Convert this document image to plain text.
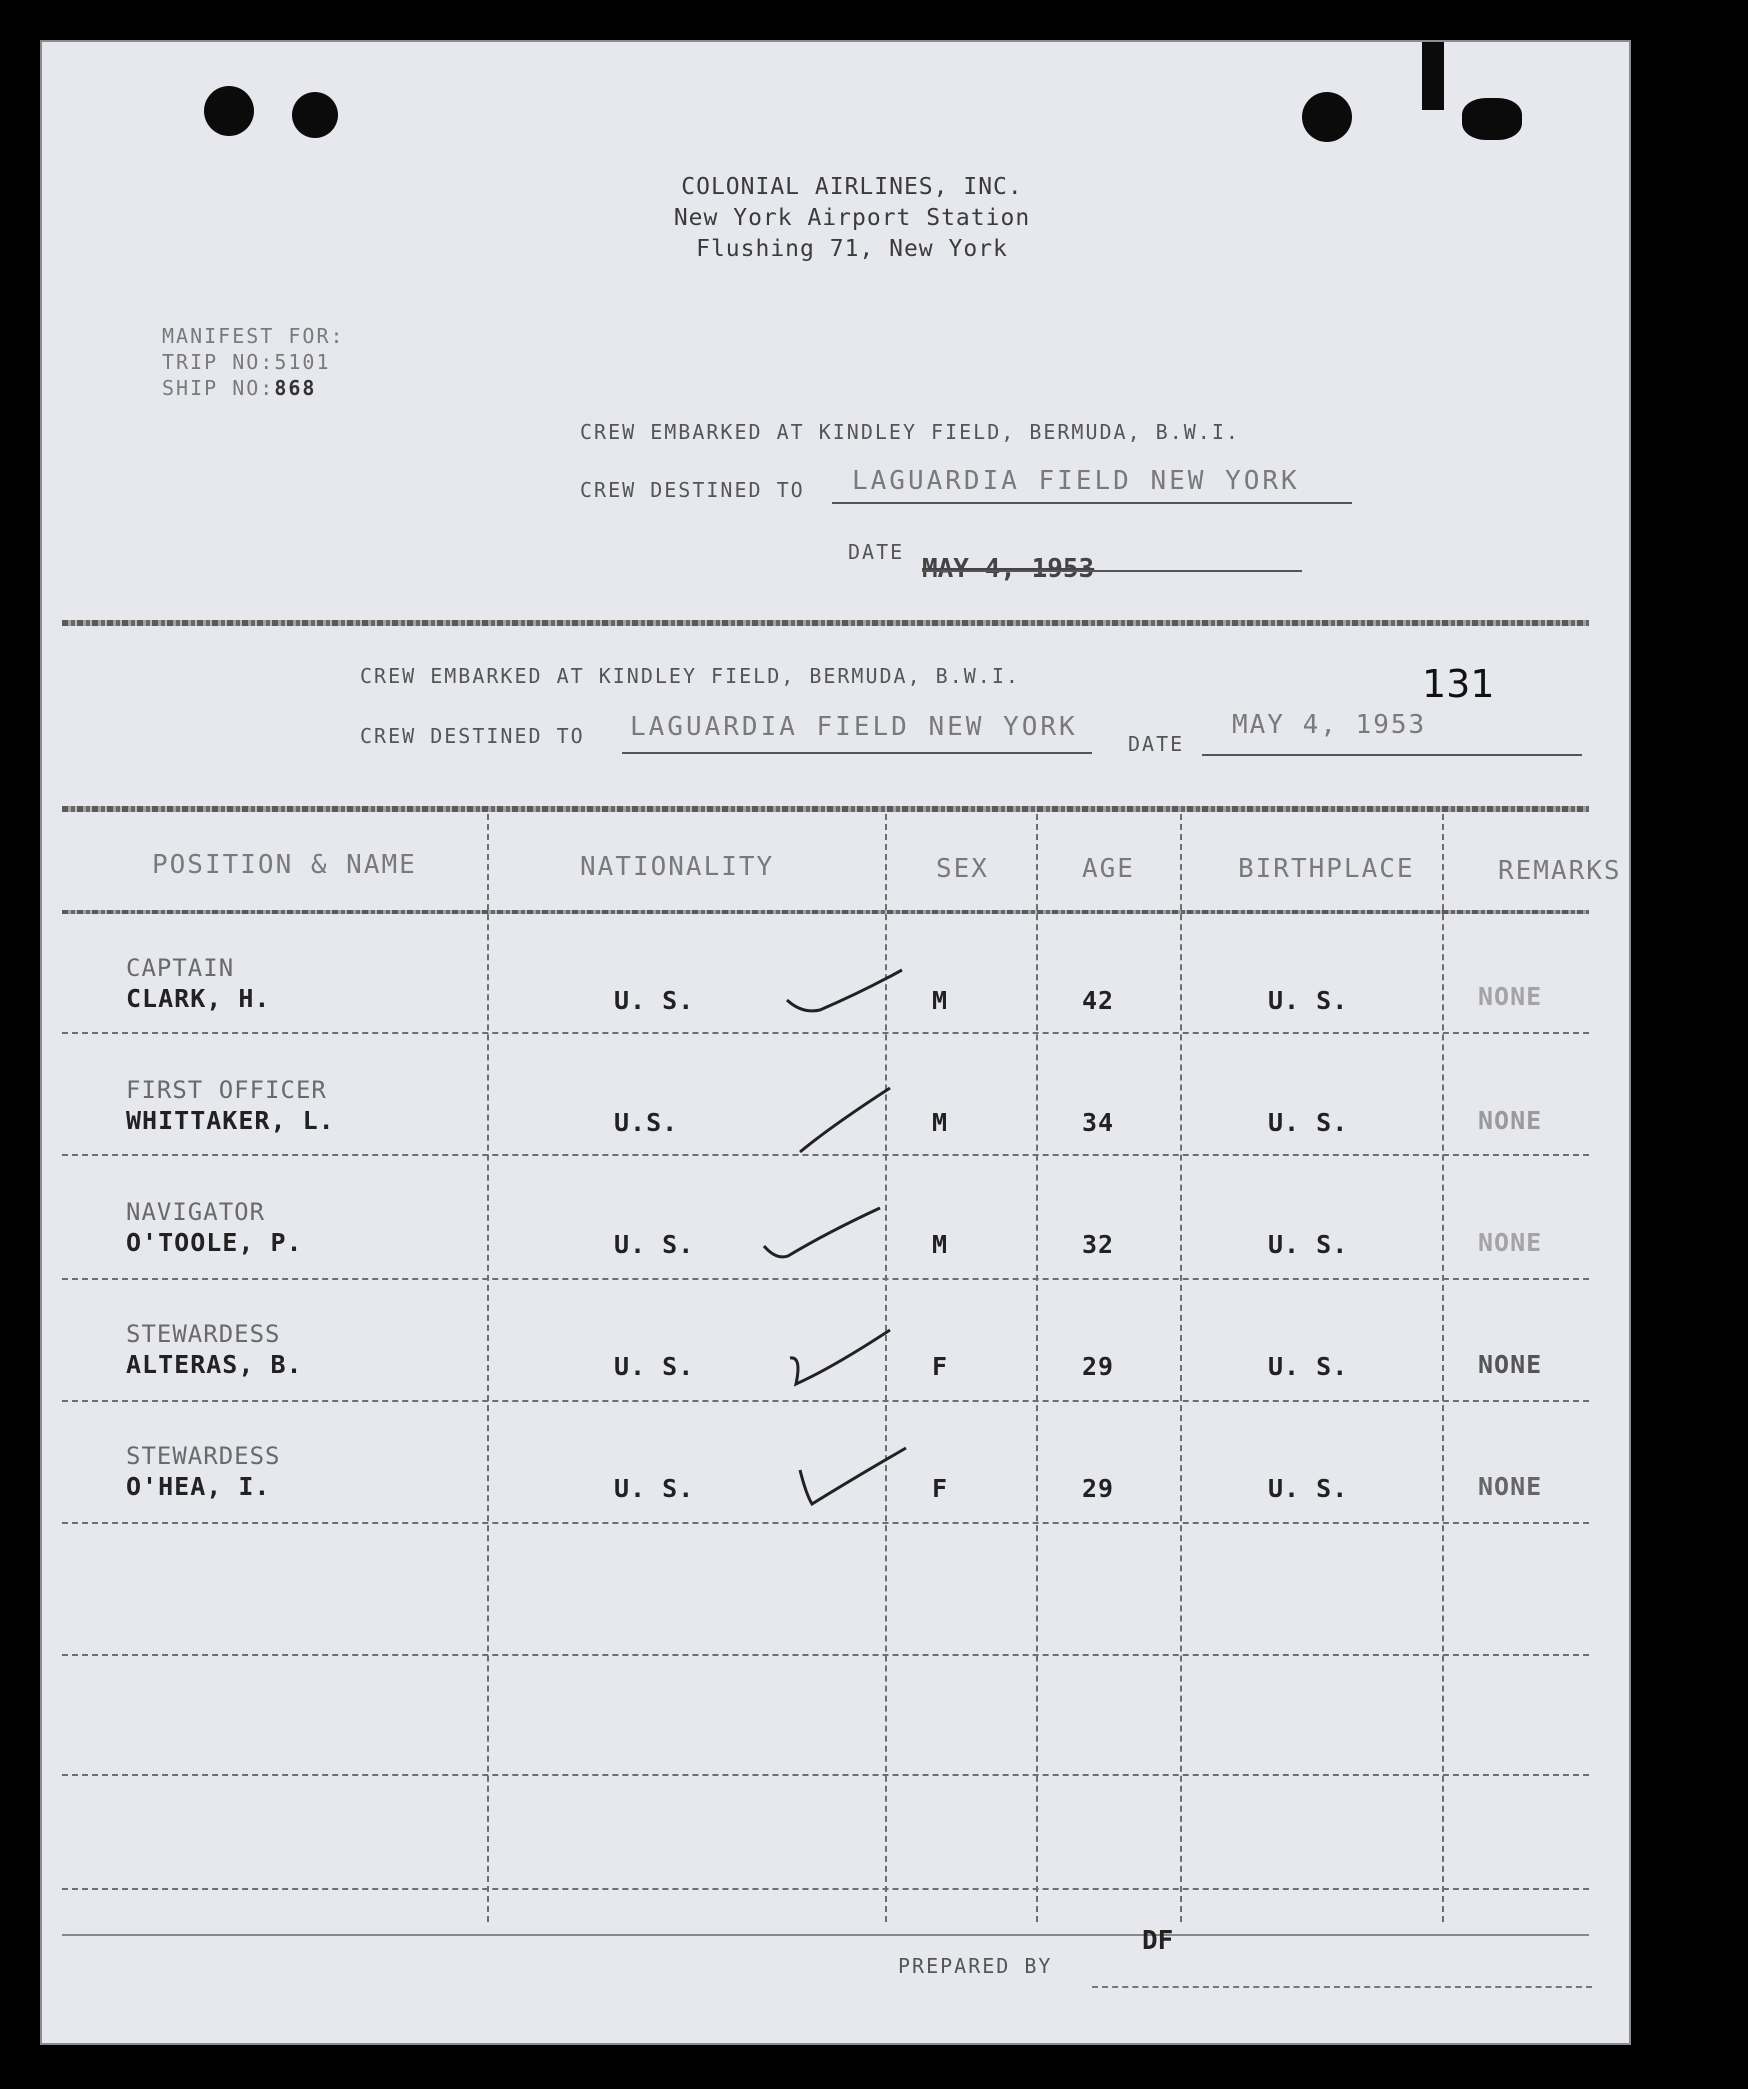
COLONIAL AIRLINES, INC.
New York Airport Station
Flushing 71, New York
MANIFEST FOR:
TRIP NO:5101
SHIP NO:868
CREW EMBARKED AT KINDLEY FIELD, BERMUDA, B.W.I.
CREW DESTINED TO LAGUARDIA FIELD NEW YORK
DATE
MAY 4, 1953
CREW EMBARKED AT KINDLEY FIELD, BERMUDA, B.W.I.	131
CREW DESTINED TO LAGUARDIA FIELD NEW YORK
DATE
MAY 4, 1953
POSITION & NAME	NATIONALITY	SEX	AGE	BIRTHPLACE	REMARKS
CAPTAIN
CLARK, H.	U. S.	M	42	U. S.	NONE
FIRST OFFICER
WHITTAKER, L.	U.S.	M	34	U. S.	NONE
NAVIGATOR
O'TOOLE, P.	U. S.	M	32	U. S.	NONE
STEWARDESS
ALTERAS, B.	U. S.	F	29	U. S.	NONE
STEWARDESS
O'HEA, I.	U. S.	F	29	U. S.	NONE
PREPARED BY
DF
